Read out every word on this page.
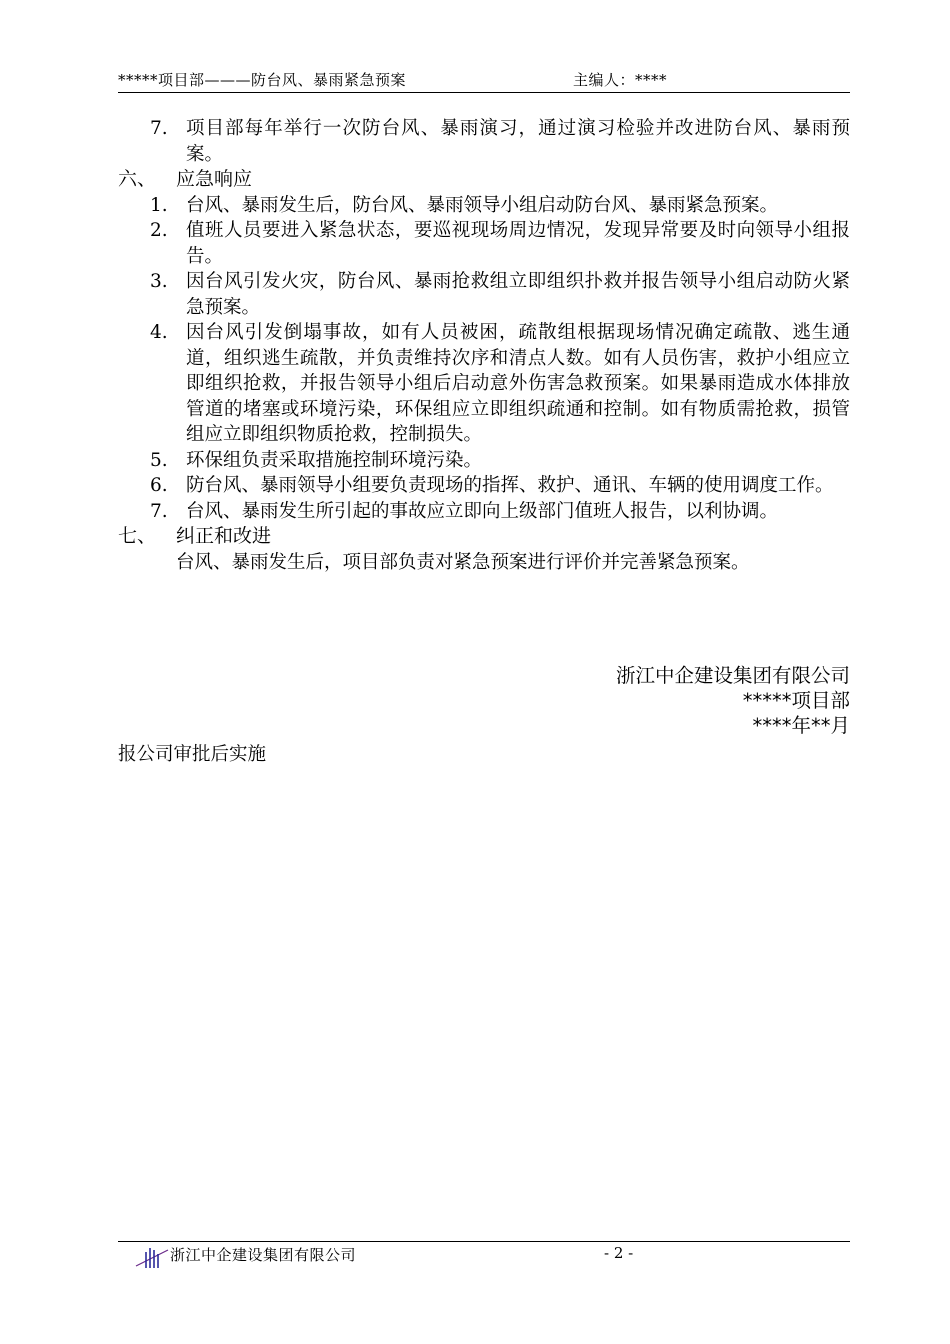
*****项目部———防台风、暴雨紧急预案	主编人：****
7. 项目部每年举行一次防台风、暴雨演习，通过演习检验并改进防台风、暴雨预案。
六、 应急响应
1. 台风、暴雨发生后，防台风、暴雨领导小组启动防台风、暴雨紧急预案。
2. 值班人员要进入紧急状态，要巡视现场周边情况，发现异常要及时向领导小组报告。
3. 因台风引发火灾，防台风、暴雨抢救组立即组织扑救并报告领导小组启动防火紧急预案。
4. 因台风引发倒塌事故，如有人员被困，疏散组根据现场情况确定疏散、逃生通道，组织逃生疏散，并负责维持次序和清点人数。如有人员伤害，救护小组应立即组织抢救，并报告领导小组后启动意外伤害急救预案。如果暴雨造成水体排放管道的堵塞或环境污染，环保组应立即组织疏通和控制。如有物质需抢救，损管组应立即组织物质抢救，控制损失。
5. 环保组负责采取措施控制环境污染。
6. 防台风、暴雨领导小组要负责现场的指挥、救护、通讯、车辆的使用调度工作。
7. 台风、暴雨发生所引起的事故应立即向上级部门值班人报告，以利协调。
七、 纠正和改进
台风、暴雨发生后，项目部负责对紧急预案进行评价并完善紧急预案。
浙江中企建设集团有限公司
*****项目部
****年**月
报公司审批后实施
浙江中企建设集团有限公司	- 2 -
